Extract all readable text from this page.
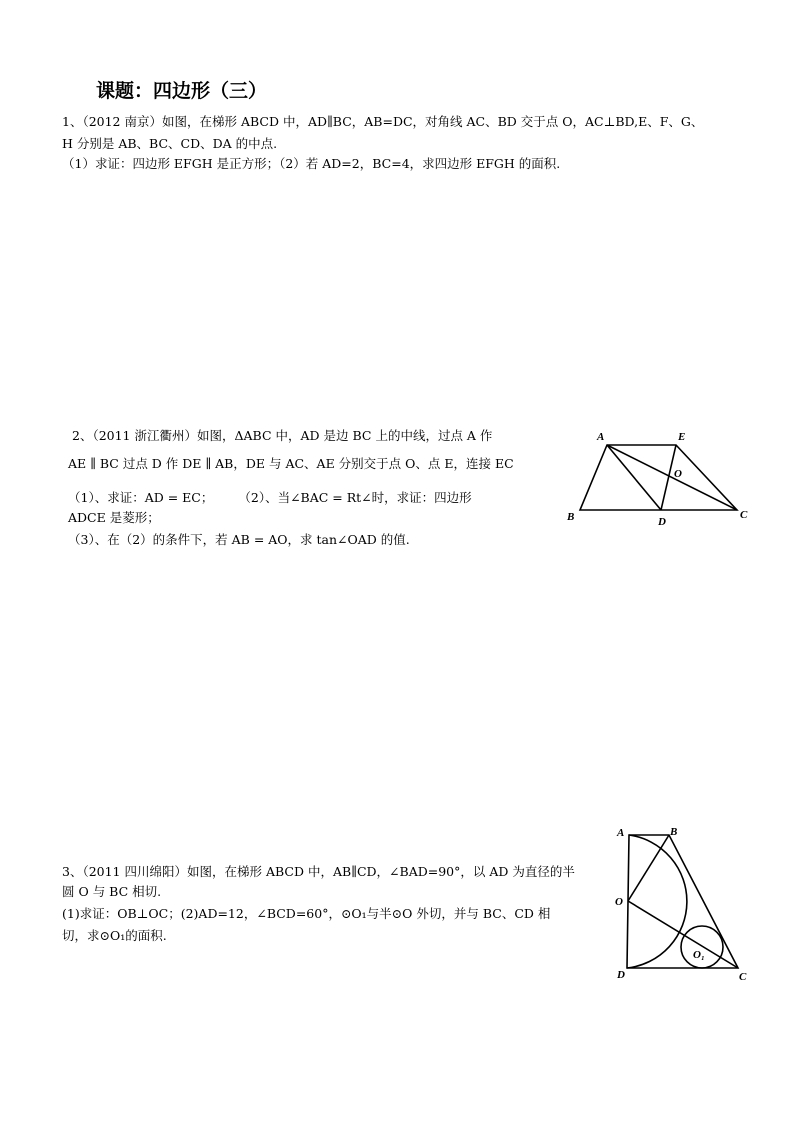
课题：四边形（三）
1、（2012 南京）如图，在梯形 ABCD 中，AD∥BC，AB=DC，对角线 AC、BD 交于点 O，AC⊥BD,E、F、G、
H 分别是 AB、BC、CD、DA 的中点.
（1）求证：四边形 EFGH 是正方形；（2）若 AD=2，BC=4，求四边形 EFGH 的面积.
2、（2011 浙江衢州）如图，ΔABC 中，AD 是边 BC 上的中线，过点 A 作
AE ∥ BC 过点 D 作 DE ∥ AB，DE 与 AC、AE 分别交于点 O、点 E，连接 EC
（1）、求证：AD = EC；　　　（2）、当∠BAC = Rt∠时，求证：四边形
ADCE 是菱形；
（3）、在（2）的条件下，若 AB = AO，求 tan∠OAD 的值.
A	E
O
B	D
C
3、（2011 四川绵阳）如图，在梯形 ABCD 中，AB∥CD，∠BAD=90°，以 AD 为直径的半
圆 O 与 BC 相切.
(1)求证：OB⊥OC；(2)AD=12，∠BCD=60°，⊙O₁与半⊙O 外切，并与 BC、CD 相
切，求⊙O₁的面积.
A	B
O
D	C
O₁
